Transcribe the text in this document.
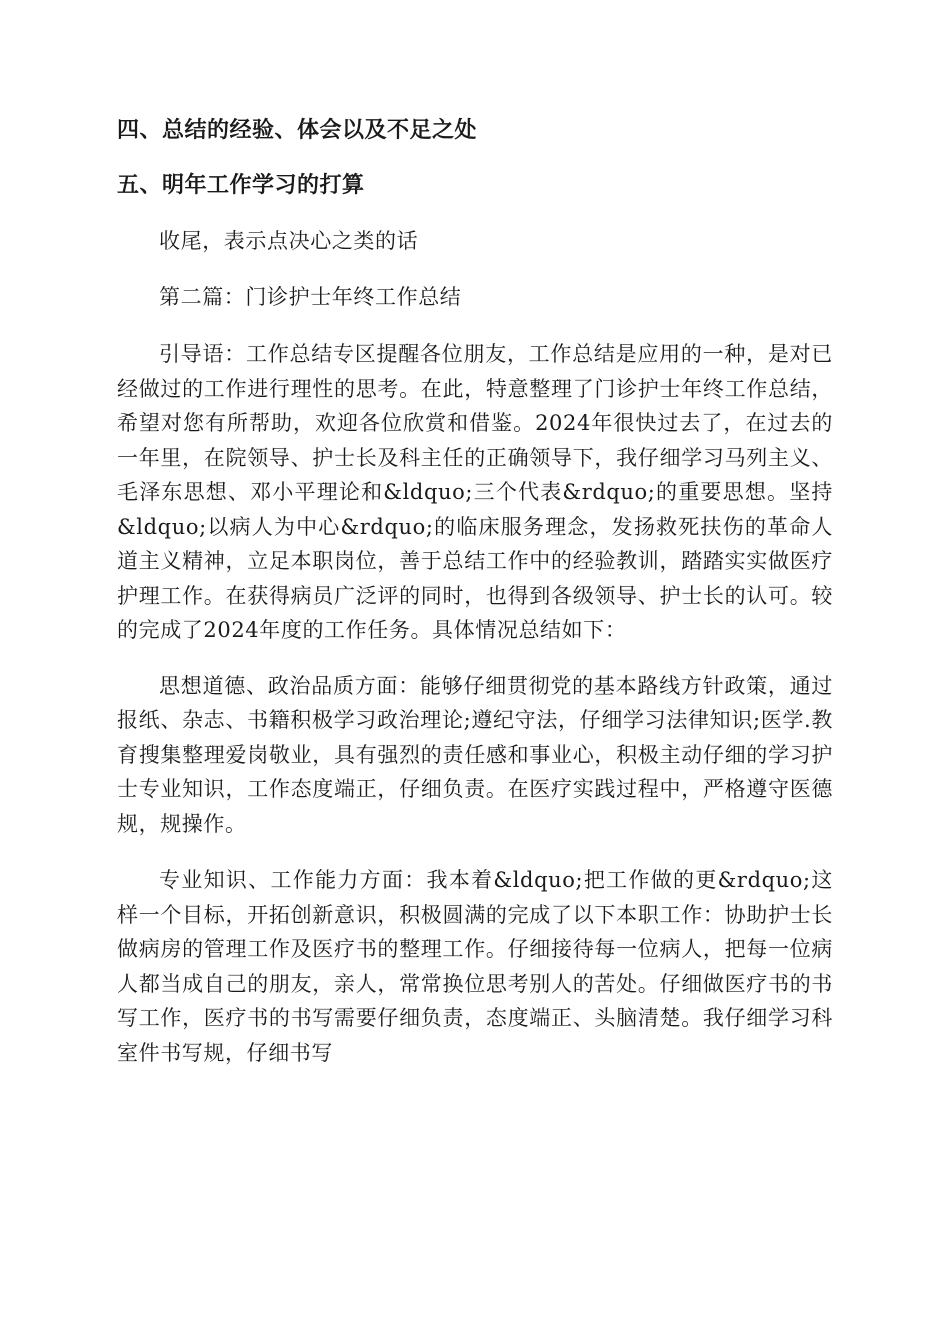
四、总结的经验、体会以及不足之处
五、明年工作学习的打算

收尾，表示点决心之类的话

第二篇：门诊护士年终工作总结

引导语：工作总结专区提醒各位朋友，工作总结是应用的一种，是对已经做过的工作进行理性的思考。在此，特意整理了门诊护士年终工作总结，希望对您有所帮助，欢迎各位欣赏和借鉴。2024年很快过去了，在过去的一年里，在院领导、护士长及科主任的正确领导下，我仔细学习马列主义、毛泽东思想、邓小平理论和&ldquo;三个代表&rdquo;的重要思想。坚持&ldquo;以病人为中心&rdquo;的临床服务理念，发扬救死扶伤的革命人道主义精神，立足本职岗位，善于总结工作中的经验教训，踏踏实实做医疗护理工作。在获得病员广泛评的同时，也得到各级领导、护士长的认可。较的完成了2024年度的工作任务。具体情况总结如下：

思想道德、政治品质方面：能够仔细贯彻党的基本路线方针政策，通过报纸、杂志、书籍积极学习政治理论;遵纪守法，仔细学习法律知识;医学.教育搜集整理爱岗敬业，具有强烈的责任感和事业心，积极主动仔细的学习护士专业知识，工作态度端正，仔细负责。在医疗实践过程中，严格遵守医德规，规操作。

专业知识、工作能力方面：我本着&ldquo;把工作做的更&rdquo;这样一个目标，开拓创新意识，积极圆满的完成了以下本职工作：协助护士长做病房的管理工作及医疗书的整理工作。仔细接待每一位病人，把每一位病人都当成自己的朋友，亲人，常常换位思考别人的苦处。仔细做医疗书的书写工作，医疗书的书写需要仔细负责，态度端正、头脑清楚。我仔细学习科室件书写规，仔细书写
